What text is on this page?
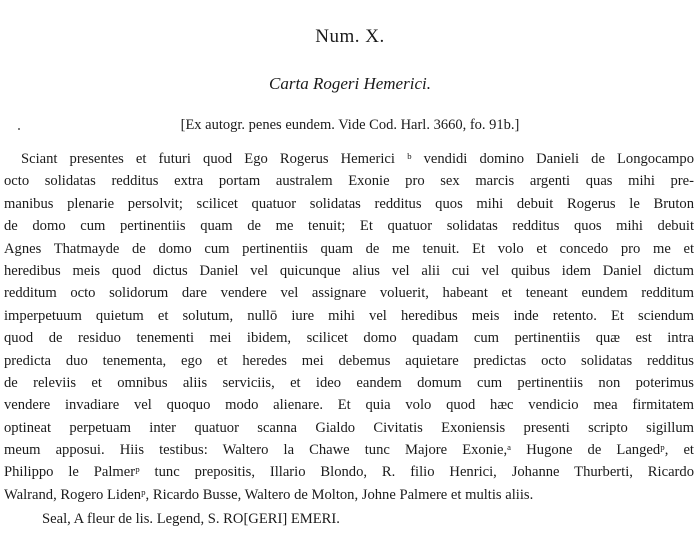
Num. X.
Carta Rogeri Hemerici.

[Ex autogr. penes eundem. Vide Cod. Harl. 3660, fo. 91b.]

Sciant presentes et futuri quod Ego Rogerus Hemerici ᵇ vendidi domino Danieli de Longocampo
octo solidatas redditus extra portam australem Exonie pro sex marcis argenti quas mihi pre-
manibus plenarie persolvit; scilicet quatuor solidatas redditus quos mihi debuit Rogerus le Bruton
de domo cum pertinentiis quam de me tenuit; Et quatuor solidatas redditus quos mihi debuit
Agnes Thatmayde de domo cum pertinentiis quam de me tenuit. Et volo et concedo pro me et
heredibus meis quod dictus Daniel vel quicunque alius vel alii cui vel quibus idem Daniel dictum
redditum octo solidorum dare vendere vel assignare voluerit, habeant et teneant eundem redditum
imperpetuum quietum et solutum, nullō iure mihi vel heredibus meis inde retento. Et sciendum
quod de residuo tenementi mei ibidem, scilicet domo quadam cum pertinentiis quæ est intra
predicta duo tenementa, ego et heredes mei debemus aquietare predictas octo solidatas redditus
de releviis et omnibus aliis serviciis, et ideo eandem domum cum pertinentiis non poterimus
vendere invadiare vel quoquo modo alienare. Et quia volo quod hæc vendicio mea firmitatem
optineat perpetuam inter quatuor scanna Gialdo Civitatis Exoniensis presenti scripto sigillum
meum apposui. Hiis testibus: Waltero la Chawe tunc Majore Exonie,ᵃ Hugone de Langedᵖ, et
Philippo le Palmerᵖ tunc prepositis, Illario Blondo, R. filio Henrici, Johanne Thurberti, Ricardo
Walrand, Rogero Lidenᵖ, Ricardo Busse, Waltero de Molton, Johne Palmere et multis aliis.
Seal, A fleur de lis. Legend, S. RO[GERI] EMERI.
